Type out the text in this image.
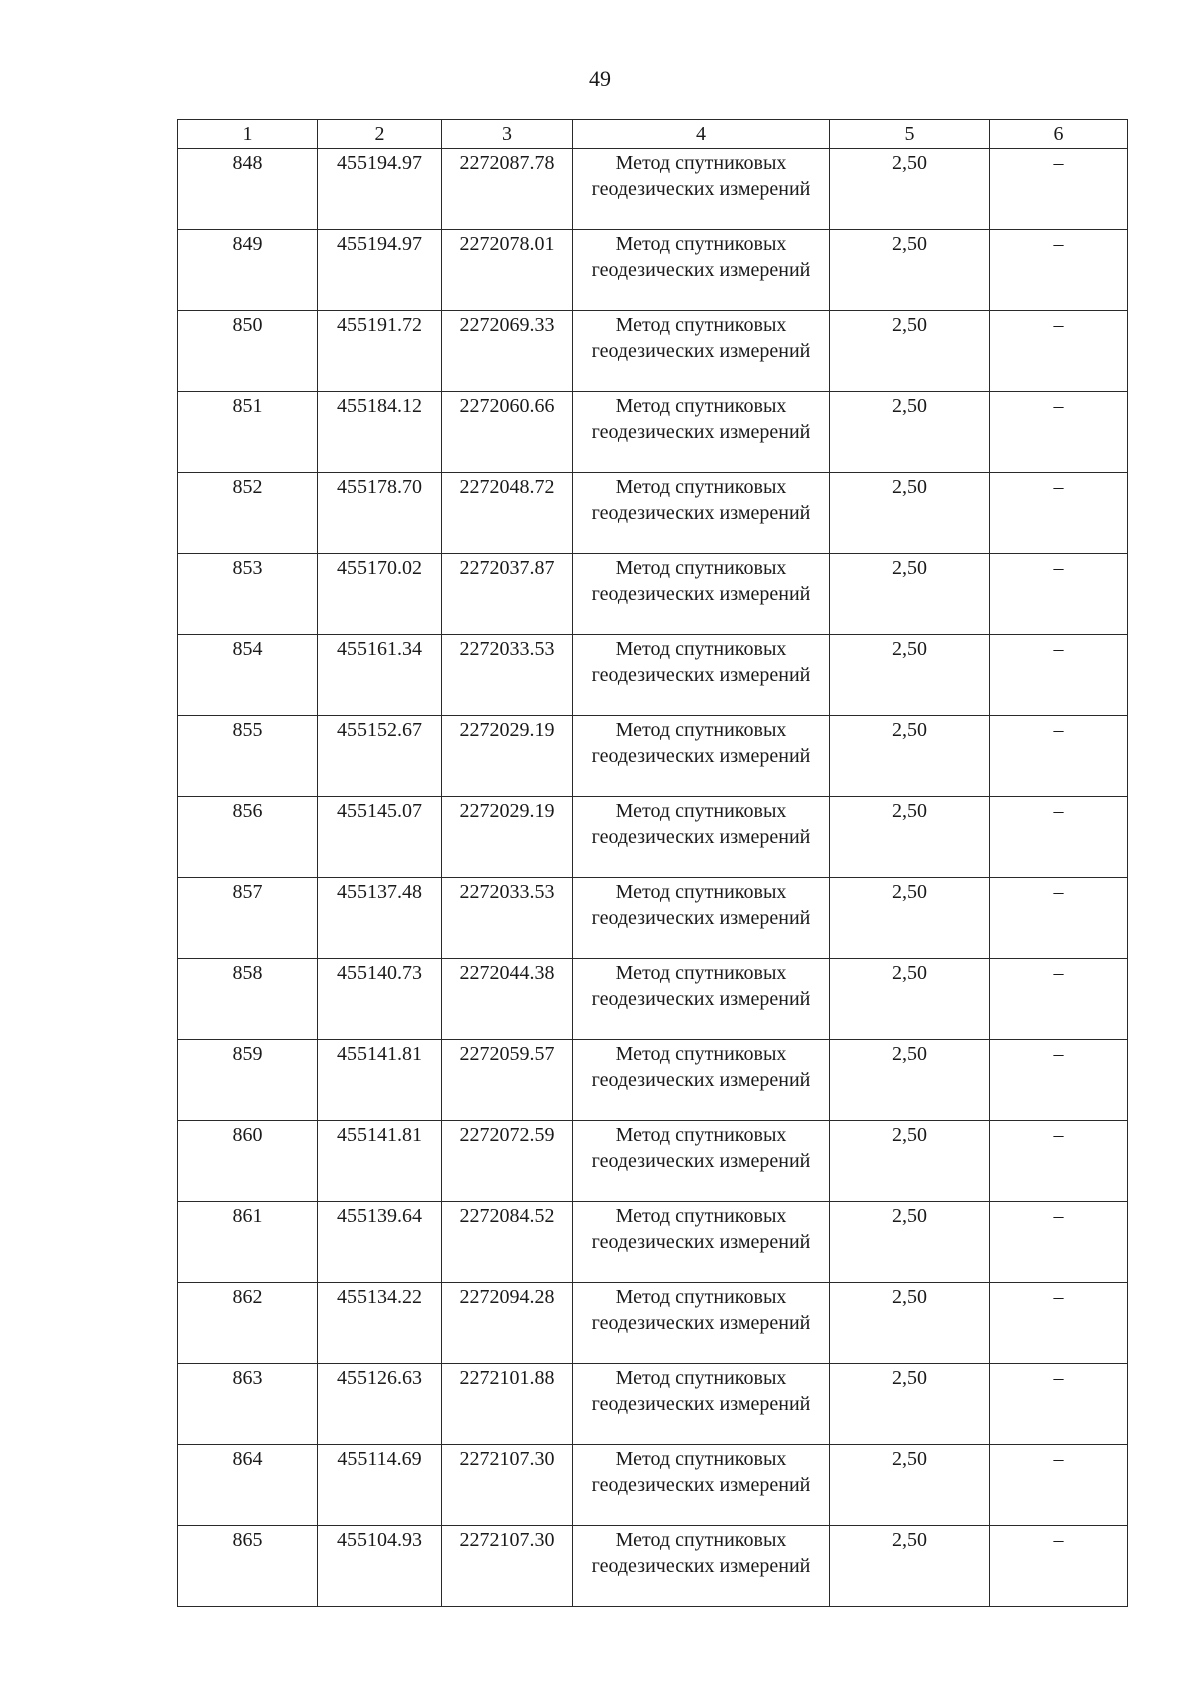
49
1	2	3	4	5	6
848	455194.97	2272087.78	Метод спутниковых геодезических измерений	2,50	–
849	455194.97	2272078.01	Метод спутниковых геодезических измерений	2,50	–
850	455191.72	2272069.33	Метод спутниковых геодезических измерений	2,50	–
851	455184.12	2272060.66	Метод спутниковых геодезических измерений	2,50	–
852	455178.70	2272048.72	Метод спутниковых геодезических измерений	2,50	–
853	455170.02	2272037.87	Метод спутниковых геодезических измерений	2,50	–
854	455161.34	2272033.53	Метод спутниковых геодезических измерений	2,50	–
855	455152.67	2272029.19	Метод спутниковых геодезических измерений	2,50	–
856	455145.07	2272029.19	Метод спутниковых геодезических измерений	2,50	–
857	455137.48	2272033.53	Метод спутниковых геодезических измерений	2,50	–
858	455140.73	2272044.38	Метод спутниковых геодезических измерений	2,50	–
859	455141.81	2272059.57	Метод спутниковых геодезических измерений	2,50	–
860	455141.81	2272072.59	Метод спутниковых геодезических измерений	2,50	–
861	455139.64	2272084.52	Метод спутниковых геодезических измерений	2,50	–
862	455134.22	2272094.28	Метод спутниковых геодезических измерений	2,50	–
863	455126.63	2272101.88	Метод спутниковых геодезических измерений	2,50	–
864	455114.69	2272107.30	Метод спутниковых геодезических измерений	2,50	–
865	455104.93	2272107.30	Метод спутниковых геодезических измерений	2,50	–
